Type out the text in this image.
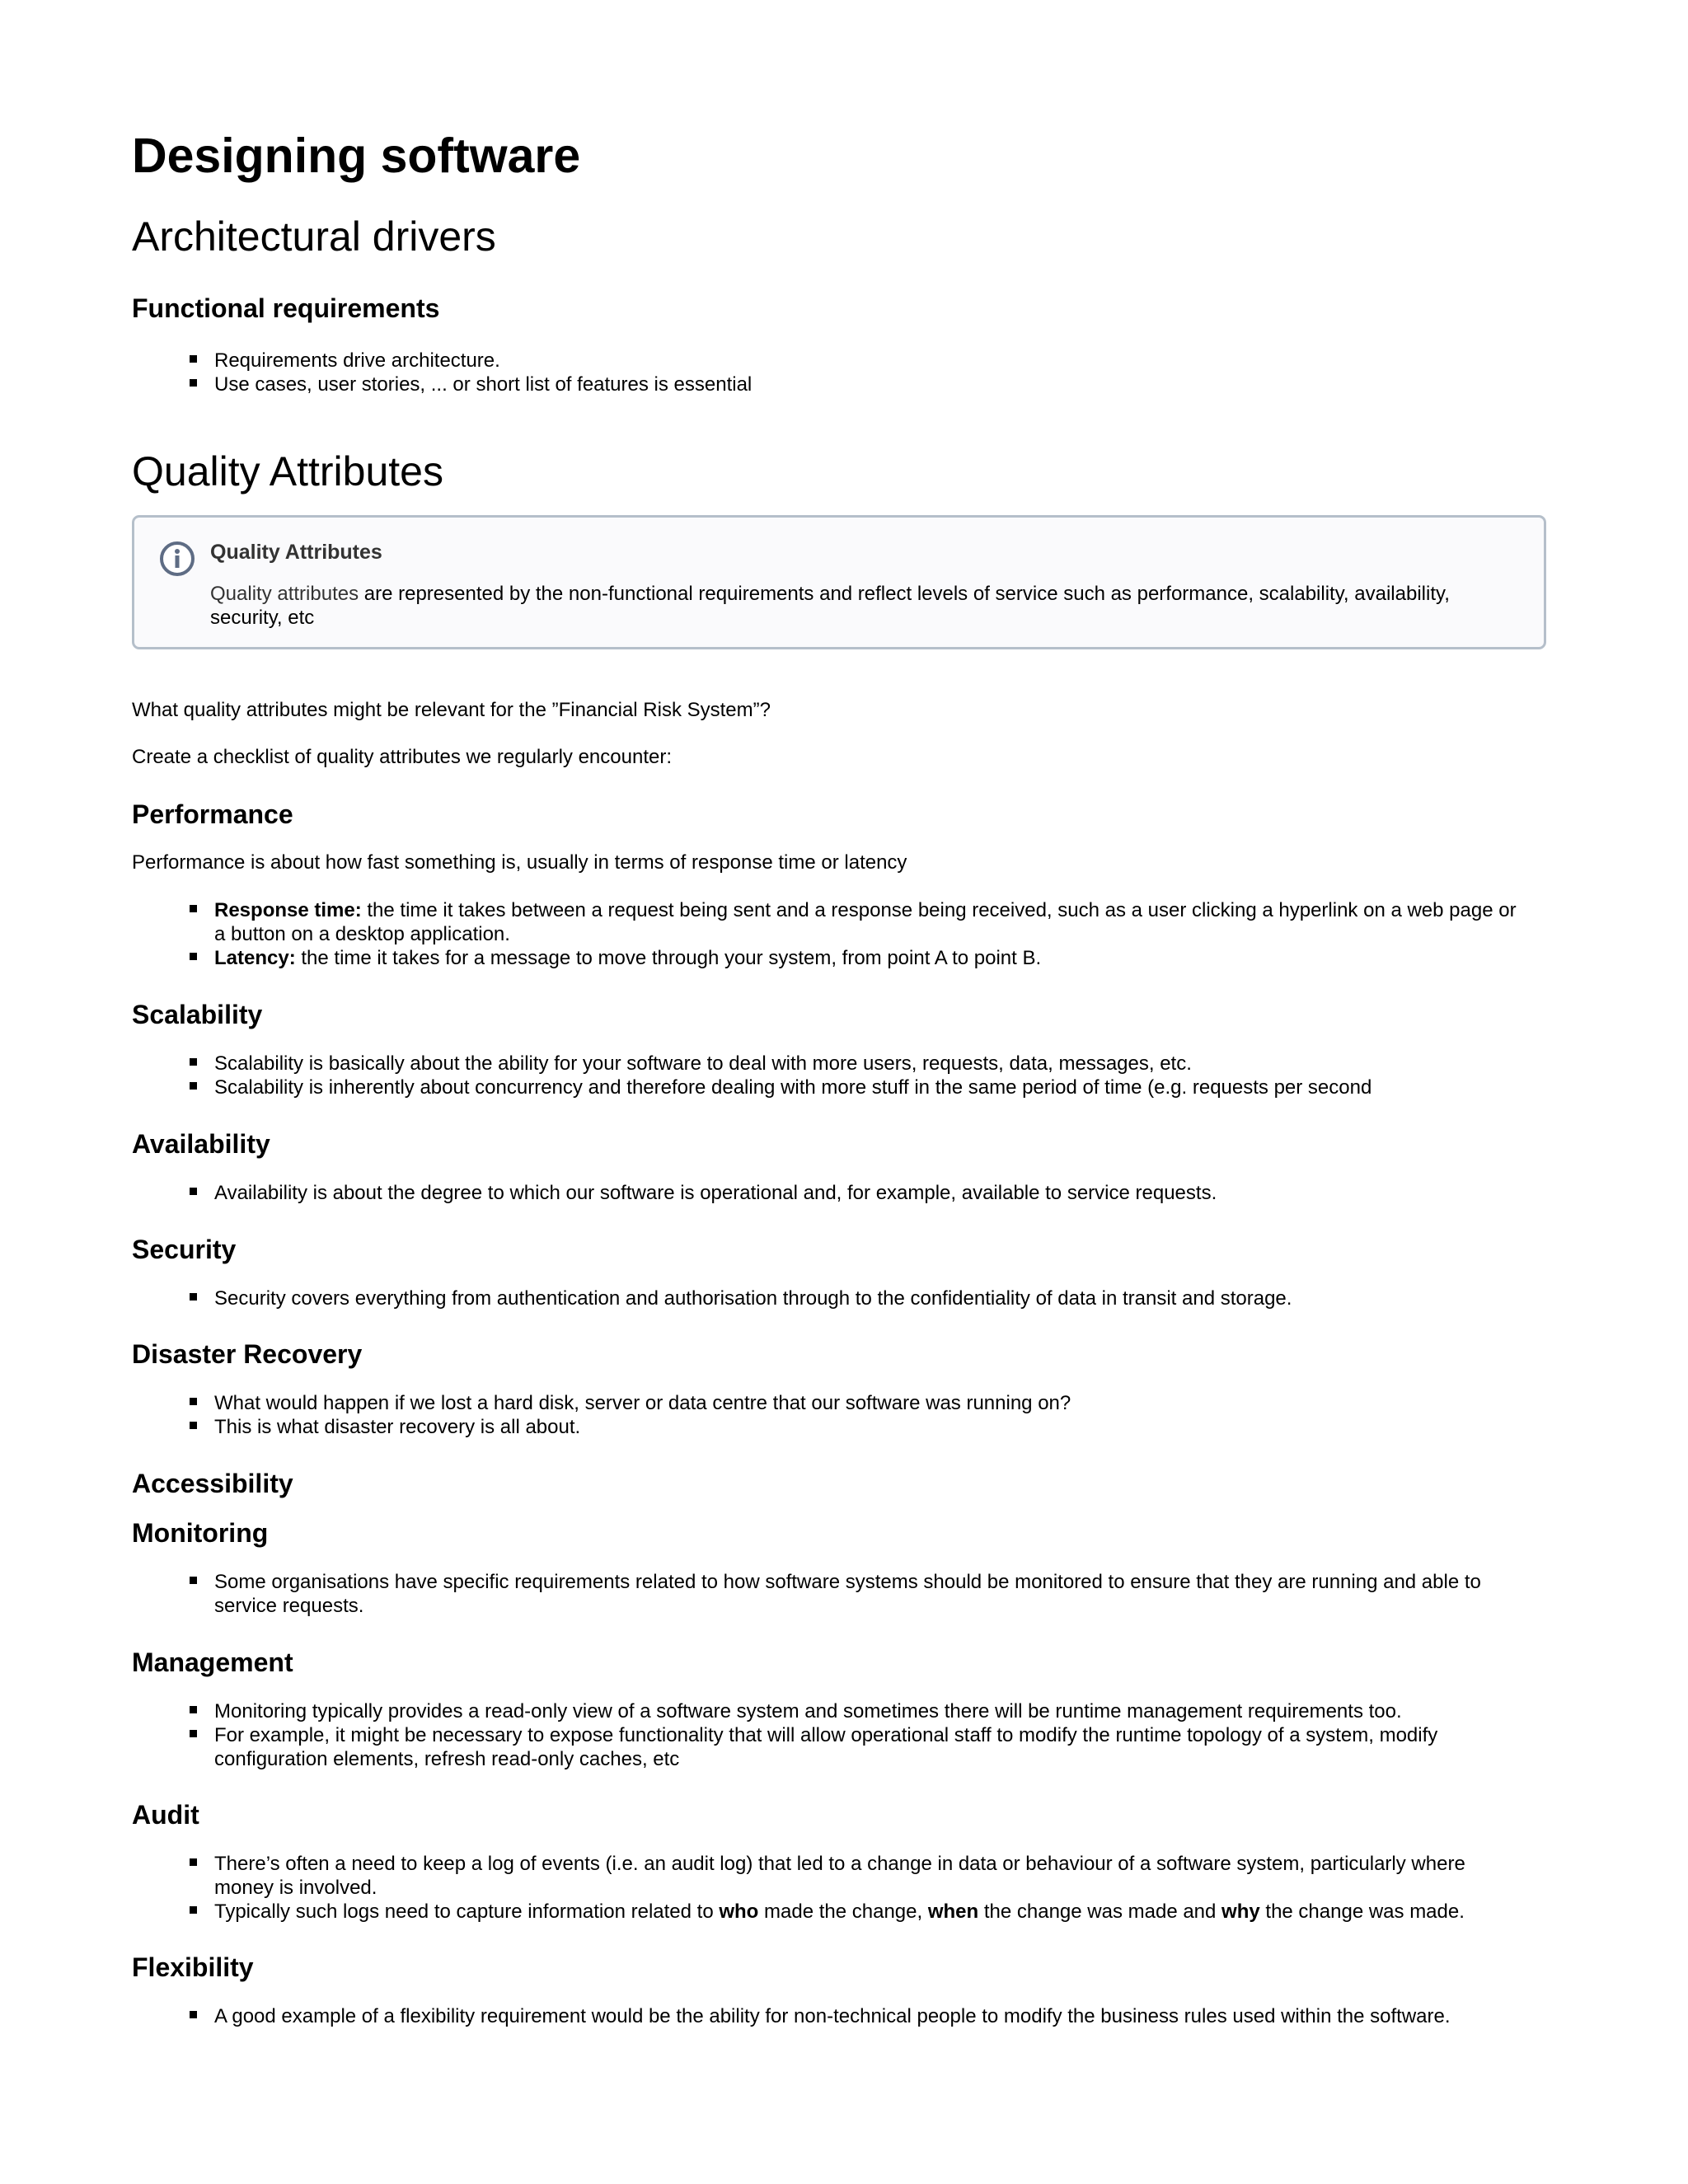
Designing software
Architectural drivers
Functional requirements
Requirements drive architecture.
Use cases, user stories, ... or short list of features is essential
Quality Attributes
Quality Attributes
Quality attributes are represented by the non-functional requirements and reflect levels of service such as performance, scalability, availability, security, etc

What quality attributes might be relevant for the ”Financial Risk System”?

Create a checklist of quality attributes we regularly encounter:

Performance

Performance is about how fast something is, usually in terms of response time or latency

Response time: the time it takes between a request being sent and a response being received, such as a user clicking a hyperlink on a web page or a button on a desktop application.
Latency: the time it takes for a message to move through your system, from point A to point B.
Scalability
Scalability is basically about the ability for your software to deal with more users, requests, data, messages, etc.
Scalability is inherently about concurrency and therefore dealing with more stuff in the same period of time (e.g. requests per second
Availability
Availability is about the degree to which our software is operational and, for example, available to service requests.
Security
Security covers everything from authentication and authorisation through to the confidentiality of data in transit and storage.
Disaster Recovery
What would happen if we lost a hard disk, server or data centre that our software was running on?
This is what disaster recovery is all about.
Accessibility
Monitoring
Some organisations have specific requirements related to how software systems should be monitored to ensure that they are running and able to service requests.
Management
Monitoring typically provides a read-only view of a software system and sometimes there will be runtime management requirements too.
For example, it might be necessary to expose functionality that will allow operational staff to modify the runtime topology of a system, modify configuration elements, refresh read-only caches, etc
Audit
There’s often a need to keep a log of events (i.e. an audit log) that led to a change in data or behaviour of a software system, particularly where money is involved.
Typically such logs need to capture information related to who made the change, when the change was made and why the change was made.
Flexibility
A good example of a flexibility requirement would be the ability for non-technical people to modify the business rules used within the software.
